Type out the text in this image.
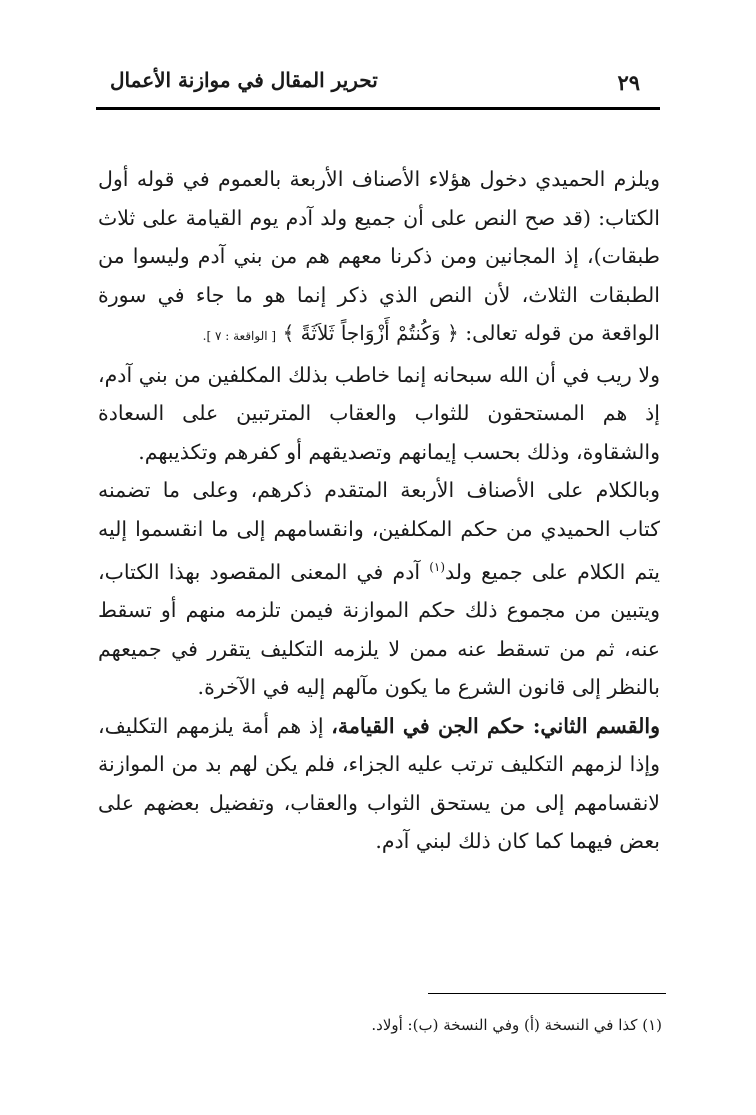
٢٩
تحرير المقال في موازنة الأعمال

ويلزم الحميدي دخول هؤلاء الأصناف الأربعة بالعموم في قوله أول الكتاب: (قد صح النص على أن جميع ولد آدم يوم القيامة على ثلاث طبقات)، إذ المجانين ومن ذكرنا معهم هم من بني آدم وليسوا من الطبقات الثلاث، لأن النص الذي ذكر إنما هو ما جاء في سورة الواقعة من قوله تعالى: ﴿ وَكُنتُمْ أَزْوَاجاً ثَلاَثَةً ﴾ [ الواقعة : ٧ ].

ولا ريب في أن الله سبحانه إنما خاطب بذلك المكلفين من بني آدم، إذ هم المستحقون للثواب والعقاب المترتبين على السعادة والشقاوة، وذلك بحسب إيمانهم وتصديقهم أو كفرهم وتكذيبهم.

وبالكلام على الأصناف الأربعة المتقدم ذكرهم، وعلى ما تضمنه كتاب الحميدي من حكم المكلفين، وانقسامهم إلى ما انقسموا إليه يتم الكلام على جميع ولد$^{(١)}$ آدم في المعنى المقصود بهذا الكتاب، ويتبين من مجموع ذلك حكم الموازنة فيمن تلزمه منهم أو تسقط عنه، ثم من تسقط عنه ممن لا يلزمه التكليف يتقرر في جميعهم بالنظر إلى قانون الشرع ما يكون مآلهم إليه في الآخرة.

والقسم الثاني: حكم الجن في القيامة، إذ هم أمة يلزمهم التكليف، وإذا لزمهم التكليف ترتب عليه الجزاء، فلم يكن لهم بد من الموازنة لانقسامهم إلى من يستحق الثواب والعقاب، وتفضيل بعضهم على بعض فيهما كما كان ذلك لبني آدم.

(١) كذا في النسخة (أ) وفي النسخة (ب): أولاد.
